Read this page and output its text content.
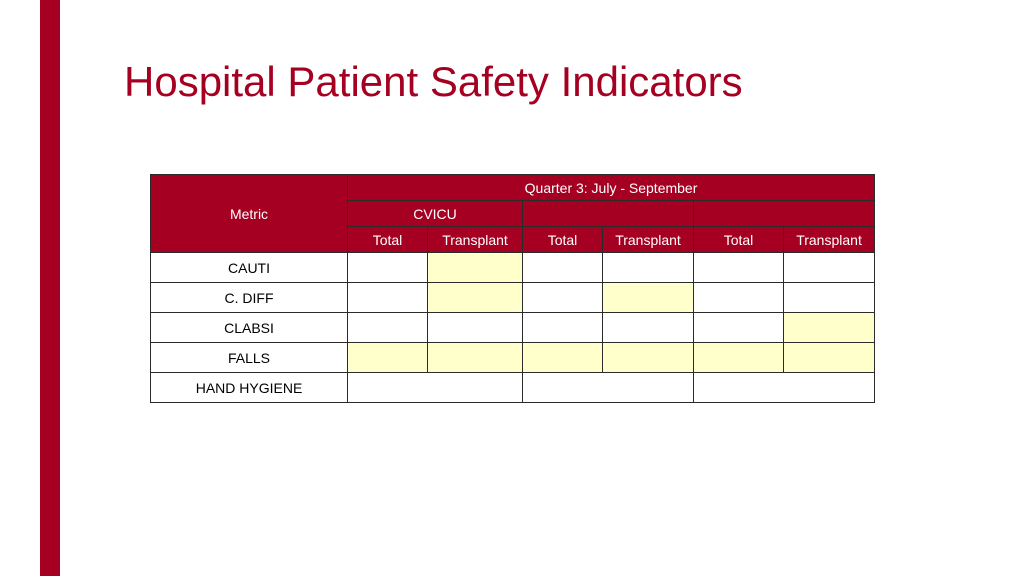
Hospital Patient Safety Indicators
Metric	Quarter 3: July - September					
	CVICU					
	Total	Transplant	Total	Transplant	Total	Transplant
CAUTI						
C. DIFF						
CLABSI						
FALLS						
HAND HYGIENE						
